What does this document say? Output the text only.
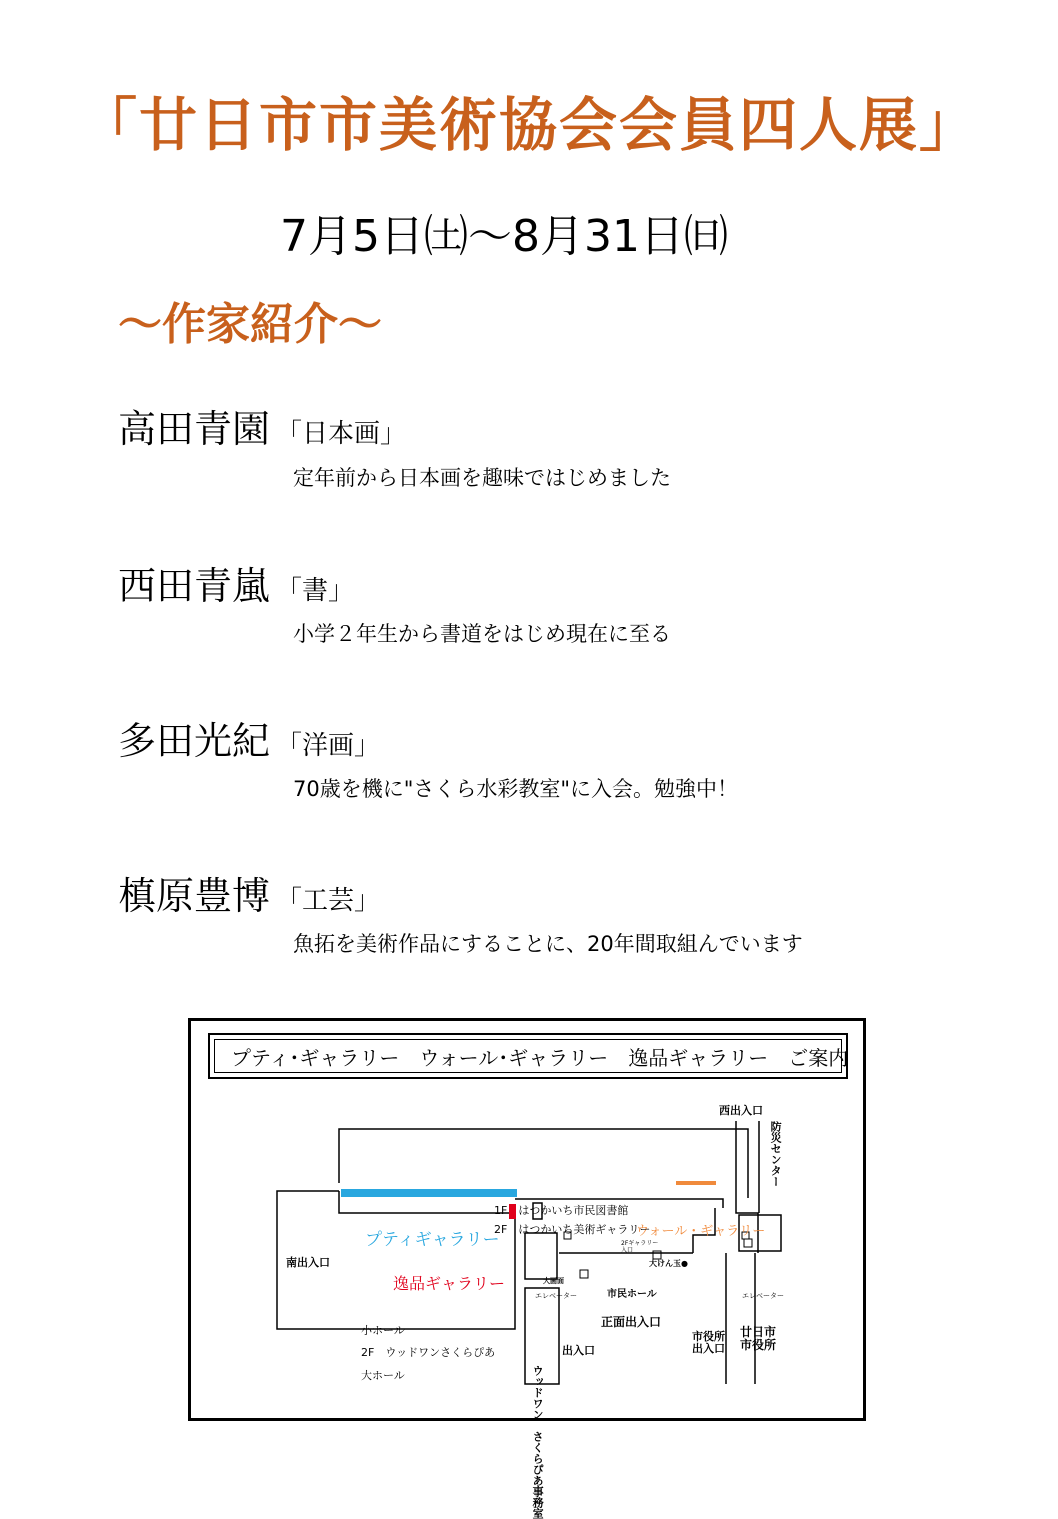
「廿日市市美術協会会員四人展」
7月5日㈯～8月31日㈰
～作家紹介～
高田青園 「日本画」
定年前から日本画を趣味ではじめました
西田青嵐 「書」
小学２年生から書道をはじめ現在に至る
多田光紀 「洋画」
70歳を機に"さくら水彩教室"に入会。勉強中！
槙原豊博 「工芸」
魚拓を美術作品にすることに、20年間取組んでいます
プティ･ギャラリー　ウォール･ギャラリー　逸品ギャラリー　ご案内
プティギャラリー	ウォール・ギャラリー
逸品ギャラリー
1F　はつかいち市民図書館
2F　はつかいち美術ギャラリー
2Fギャラリー
入口
大けん玉●
南出入口
西出入口
防災センター
大画面
エレベーター	市民ホール	エレベーター
正面出入口
市役所
出入口
廿日市
市役所
小ホール
2F　ウッドワンさくらぴあ
大ホール
出入口
ウッドワン　さくらぴあ事務室
